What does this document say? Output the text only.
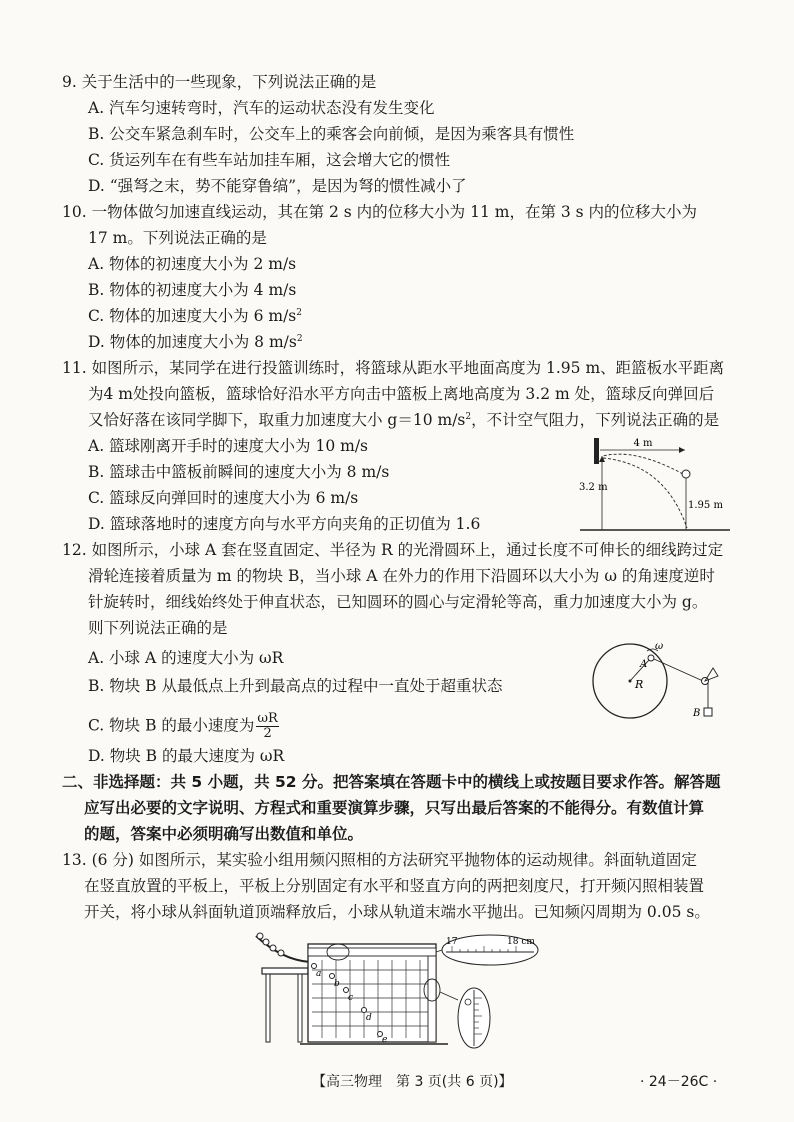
9. 关于生活中的一些现象，下列说法正确的是
A. 汽车匀速转弯时，汽车的运动状态没有发生变化
B. 公交车紧急刹车时，公交车上的乘客会向前倾，是因为乘客具有惯性
C. 货运列车在有些车站加挂车厢，这会增大它的惯性
D. “强弩之末，势不能穿鲁缟”，是因为弩的惯性减小了
10. 一物体做匀加速直线运动，其在第 2 s 内的位移大小为 11 m，在第 3 s 内的位移大小为
17 m。下列说法正确的是
A. 物体的初速度大小为 2 m/s
B. 物体的初速度大小为 4 m/s
C. 物体的加速度大小为 6 $m/s^2$
D. 物体的加速度大小为 8 $m/s^2$
11. 如图所示，某同学在进行投篮训练时，将篮球从距水平地面高度为 1.95 m、距篮板水平距离
为4 m处投向篮板，篮球恰好沿水平方向击中篮板上离地高度为 3.2 m 处，篮球反向弹回后
又恰好落在该同学脚下，取重力加速度大小 g＝10 $m/s^2$，不计空气阻力，下列说法正确的是
A. 篮球刚离开手时的速度大小为 10 m/s
B. 篮球击中篮板前瞬间的速度大小为 8 m/s
C. 篮球反向弹回时的速度大小为 6 m/s
D. 篮球落地时的速度方向与水平方向夹角的正切值为 1.6
4 m
3.2 m
1.95 m
12. 如图所示，小球 A 套在竖直固定、半径为 R 的光滑圆环上，通过长度不可伸长的细线跨过定
滑轮连接着质量为 m 的物块 B，当小球 A 在外力的作用下沿圆环以大小为 ω 的角速度逆时
针旋转时，细线始终处于伸直状态，已知圆环的圆心与定滑轮等高，重力加速度大小为 g。
则下列说法正确的是
A. 小球 A 的速度大小为 ωR
B. 物块 B 从最低点上升到最高点的过程中一直处于超重状态
C. 物块 B 的最小速度为 $\frac{\omega R}{2}$
D. 物块 B 的最大速度为 ωR
R
A
ω
B
二、非选择题：共 5 小题，共 52 分。把答案填在答题卡中的横线上或按题目要求作答。解答题
应写出必要的文字说明、方程式和重要演算步骤，只写出最后答案的不能得分。有数值计算
的题，答案中必须明确写出数值和单位。
13. (6 分) 如图所示，某实验小组用频闪照相的方法研究平抛物体的运动规律。斜面轨道固定
在竖直放置的平板上，平板上分别固定有水平和竖直方向的两把刻度尺，打开频闪照相装置
开关，将小球从斜面轨道顶端释放后，小球从轨道末端水平抛出。已知频闪周期为 0.05 s。
a
b
c
d
e
17	18 cm
【高三物理　第 3 页(共 6 页)】	· 24－26C ·
